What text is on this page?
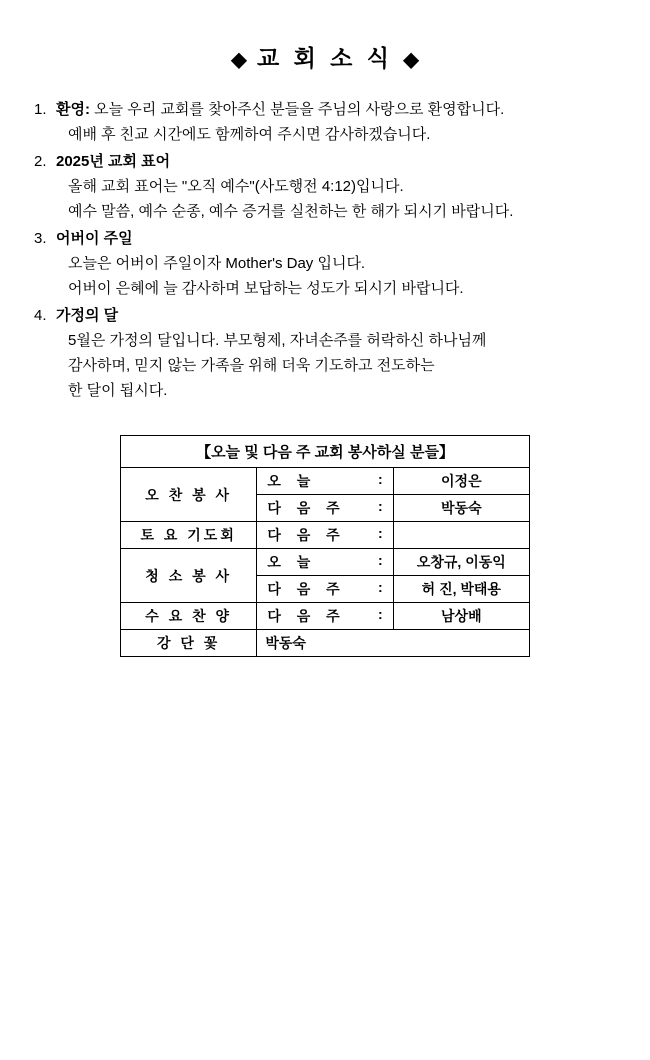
◆ 교 회 소 식 ◆
1. 환영: 오늘 우리 교회를 찾아주신 분들을 주님의 사랑으로 환영합니다.
예배 후 친교 시간에도 함께하여 주시면 감사하겠습니다.
2. 2025년 교회 표어
올해 교회 표어는 "오직 예수"(사도행전 4:12)입니다.
예수 말씀, 예수 순종, 예수 증거를 실천하는 한 해가 되시기 바랍니다.
3. 어버이 주일
오늘은 어버이 주일이자 Mother's Day 입니다.
어버이 은혜에 늘 감사하며 보답하는 성도가 되시기 바랍니다.
4. 가정의 달
5월은 가정의 달입니다. 부모형제, 자녀손주를 허락하신 하나님께
감사하며, 믿지 않는 가족을 위해 더욱 기도하고 전도하는
한 달이 됩시다.
【오늘 및 다음 주 교회 봉사하실 분들】		
오 찬 봉 사	오 늘 :	이정은
	다 음 주 :	박동숙
토 요 기도회	다 음 주 :	

청 소 봉 사	오 늘 :	오창규, 이동익
	다 음 주 :	허 진, 박태용
수 요 찬 양	다 음 주 :	남상배
강 단 꽃	박동숙	
